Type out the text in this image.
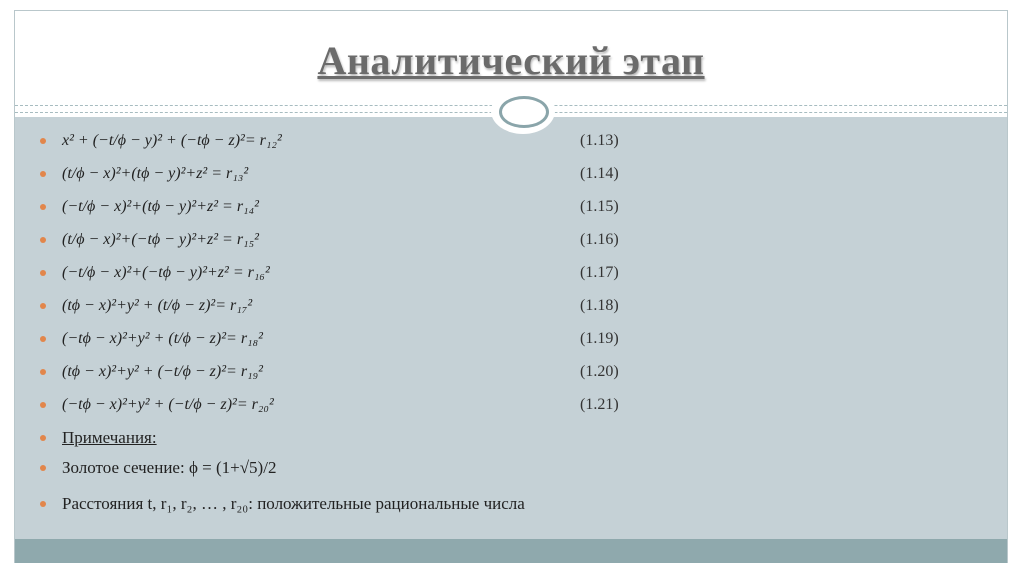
Аналитический этап
x² + (−t/ϕ − y)² + (−tϕ − z)²= r₁₂²	(1.13)
(t/ϕ − x)²+(tϕ − y)²+z² = r₁₃²	(1.14)
(−t/ϕ − x)²+(tϕ − y)²+z² = r₁₄²	(1.15)
(t/ϕ − x)²+(−tϕ − y)²+z² = r₁₅²	(1.16)
(−t/ϕ − x)²+(−tϕ − y)²+z² = r₁₆²	(1.17)
(tϕ − x)²+y² + (t/ϕ − z)²= r₁₇²	(1.18)
(−tϕ − x)²+y² + (t/ϕ − z)²= r₁₈²	(1.19)
(tϕ − x)²+y² + (−t/ϕ − z)²= r₁₉²	(1.20)
(−tϕ − x)²+y² + (−t/ϕ − z)²= r₂₀²	(1.21)
Примечания:
Золотое сечение: ϕ = (1+√5)/2
Расстояния t, r₁, r₂, … , r₂₀: положительные рациональные числа
